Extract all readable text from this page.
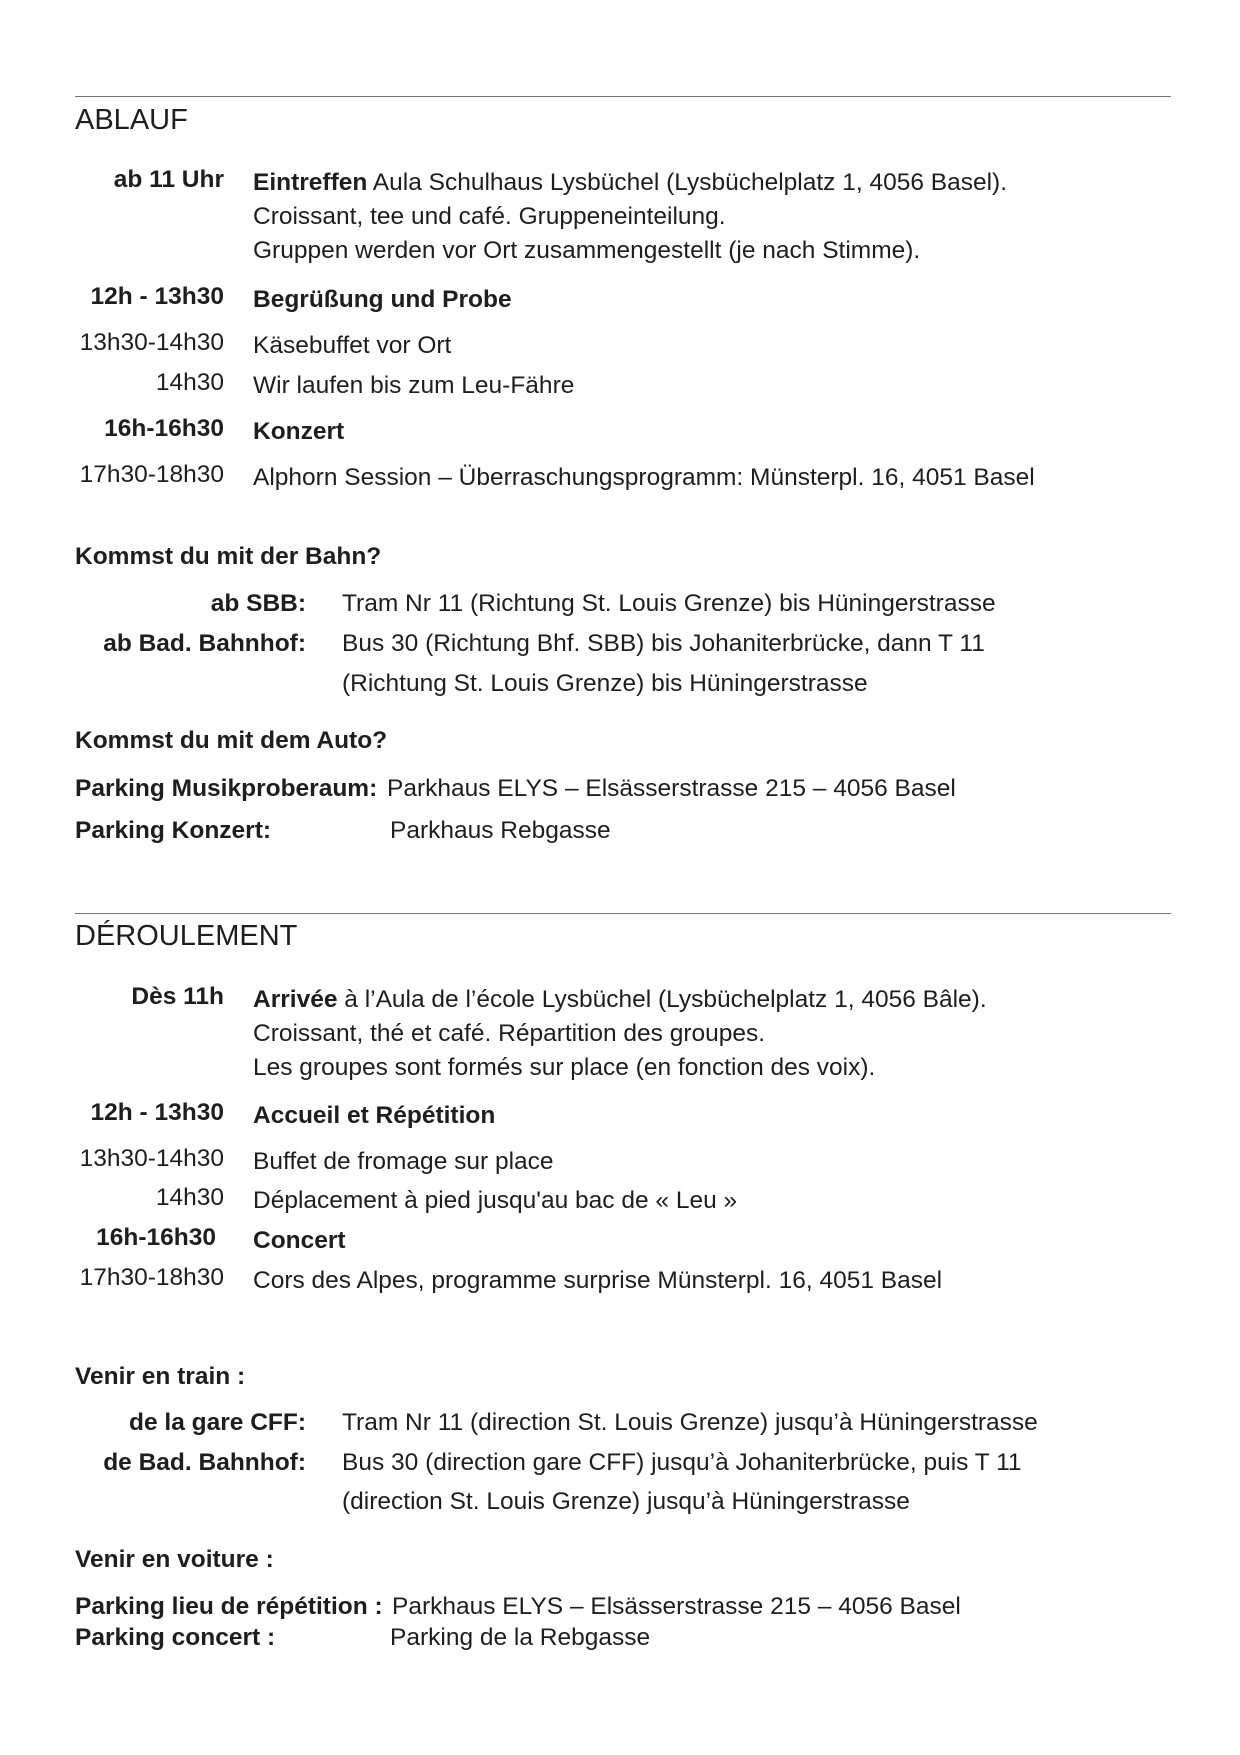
ABLAUF
ab 11 Uhr Eintreffen Aula Schulhaus Lysbüchel (Lysbüchelplatz 1, 4056 Basel).
Croissant, tee und café. Gruppeneinteilung.
Gruppen werden vor Ort zusammengestellt (je nach Stimme).
12h - 13h30 Begrüßung und Probe
13h30-14h30 Käsebuffet vor Ort
14h30 Wir laufen bis zum Leu-Fähre
16h-16h30 Konzert
17h30-18h30 Alphorn Session – Überraschungsprogramm: Münsterpl. 16, 4051 Basel
Kommst du mit der Bahn?
ab SBB: Tram Nr 11 (Richtung St. Louis Grenze) bis Hüningerstrasse
ab Bad. Bahnhof: Bus 30 (Richtung Bhf. SBB) bis Johaniterbrücke, dann T 11
(Richtung St. Louis Grenze) bis Hüningerstrasse
Kommst du mit dem Auto?
Parking Musikproberaum: Parkhaus ELYS – Elsässerstrasse 215 – 4056 Basel
Parking Konzert:	Parkhaus Rebgasse
DÉROULEMENT
Dès 11h Arrivée à l’Aula de l’école Lysbüchel (Lysbüchelplatz 1, 4056 Bâle).
Croissant, thé et café. Répartition des groupes.
Les groupes sont formés sur place (en fonction des voix).
12h - 13h30 Accueil et Répétition
13h30-14h30 Buffet de fromage sur place
14h30 Déplacement à pied jusqu'au bac de « Leu »
16h-16h30 Concert
17h30-18h30 Cors des Alpes, programme surprise Münsterpl. 16, 4051 Basel
Venir en train :
de la gare CFF: Tram Nr 11 (direction St. Louis Grenze) jusqu’à Hüningerstrasse
de Bad. Bahnhof: Bus 30 (direction gare CFF) jusqu’à Johaniterbrücke, puis T 11
(direction St. Louis Grenze) jusqu’à Hüningerstrasse
Venir en voiture :
Parking lieu de répétition : Parkhaus ELYS – Elsässerstrasse 215 – 4056 Basel
Parking concert :	Parking de la Rebgasse
